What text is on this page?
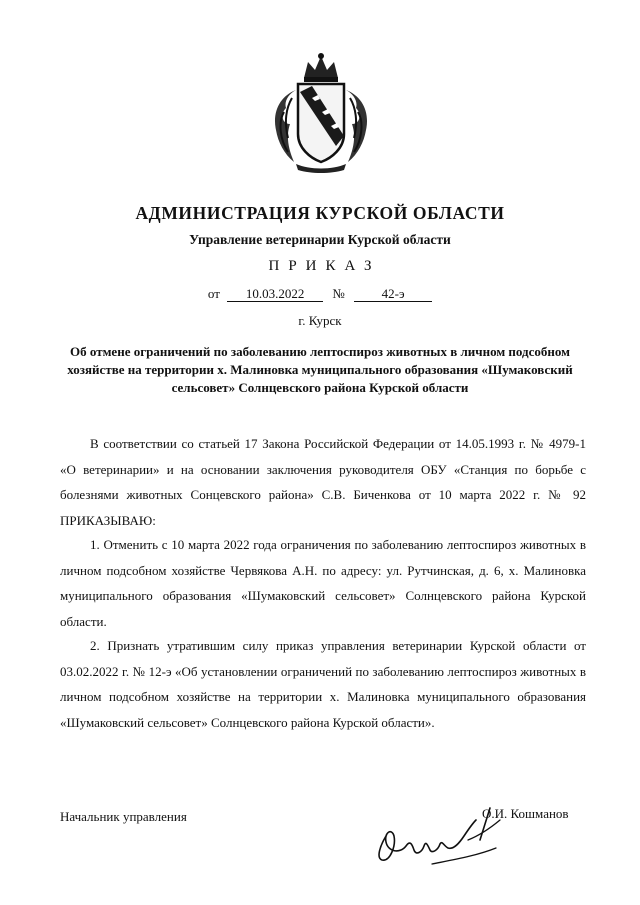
АДМИНИСТРАЦИЯ КУРСКОЙ ОБЛАСТИ
Управление ветеринарии Курской области
ПРИКАЗ
от 10.03.2022 №	42-э
г. Курск
Об отмене ограничений по заболеванию лептоспироз животных в личном подсобном хозяйстве на территории х. Малиновка муниципального образования «Шумаковский сельсовет» Солнцевского района Курской области
В соответствии со статьей 17 Закона Российской Федерации от 14.05.1993 г. № 4979-1 «О ветеринарии» и на основании заключения руководителя ОБУ «Станция по борьбе с болезнями животных Сонцевского района» С.В. Биченкова от 10 марта 2022 г. № 92 ПРИКАЗЫВАЮ:
1. Отменить с 10 марта 2022 года ограничения по заболеванию лептоспироз животных в личном подсобном хозяйстве Червякова А.Н. по адресу: ул. Рутчинская, д. 6, х. Малиновка муниципального образования «Шумаковский сельсовет» Солнцевского района Курской области.
2. Признать утратившим силу приказ управления ветеринарии Курской области от 03.02.2022 г. № 12-э «Об установлении ограничений по заболеванию лептоспироз животных в личном подсобном хозяйстве на территории х. Малиновка муниципального образования «Шумаковский сельсовет» Солнцевского района Курской области».
Начальник управления	О.И. Кошманов
